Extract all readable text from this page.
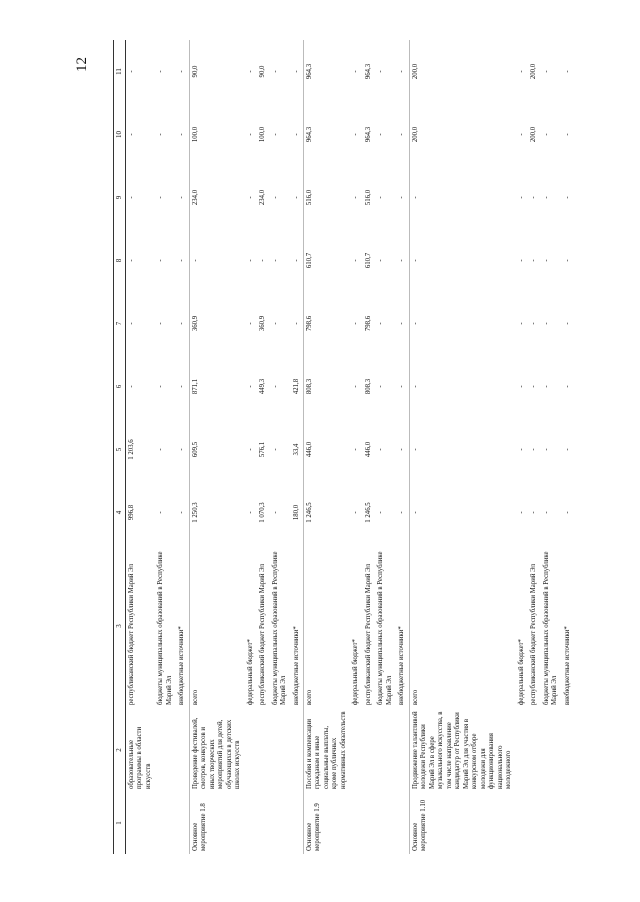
12
1	2	3	4	5	6	7	8	9	10	11
	образовательные программы в области искусств	республиканский бюджет Республики Марий Эл	996,8	1 203,6	-	-	-	-	-	-
		бюджеты муниципальных образований в Республике Марий Эл	-	-	-	-	-	-	-	-
		внебюджетные источники*	-	-	-	-	-	-	-	-
Основное мероприятие 1.8	Проведение фестивалей, смотров, конкурсов и иных творческих мероприятий для детей, обучающихся в детских школах искусств	всего	1 250,3	609,5	871,1	360,9	-	234,0	100,0	90,0
		федеральный бюджет*	-	-	-	-	-	-	-	-
		республиканский бюджет Республики Марий Эл	1 070,3	576,1	449,3	360,9	-	234,0	100,0	90,0
		бюджеты муниципальных образований в Республике Марий Эл	-	-	-	-	-	-	-	-
		внебюджетные источники*	180,0	33,4	421,8	-	-	-	-	-
Основное мероприятие 1.9	Пособия и компенсации гражданам и иные социальные выплаты, кроме публичных нормативных обязательств	всего	1 246,5	446,0	808,3	798,6	610,7	516,0	964,3	964,3
		федеральный бюджет*	-	-	-	-	-	-	-	-
		республиканский бюджет Республики Марий Эл	1 246,5	446,0	808,3	798,6	610,7	516,0	964,3	964,3
		бюджеты муниципальных образований в Республике Марий Эл	-	-	-	-	-	-	-	-
		внебюджетные источники*	-	-	-	-	-	-	-	-
Основное мероприятие 1.10	Продвижение талантливой молодежи Республики Марий Эл в сфере музыкального искусства, в том числе направление кандидатур от Республики Марий Эл для участия в конкурсном отборе молодежи для функционирования национального молодежного	всего	-	-	-	-	-	-	200,0	200,0
		федеральный бюджет*	-	-	-	-	-	-	-	-
		республиканский бюджет Республики Марий Эл	-	-	-	-	-	-	200,0	200,0
		бюджеты муниципальных образований в Республике Марий Эл	-	-	-	-	-	-	-	-
		внебюджетные источники*	-	-	-	-	-	-	-	-
